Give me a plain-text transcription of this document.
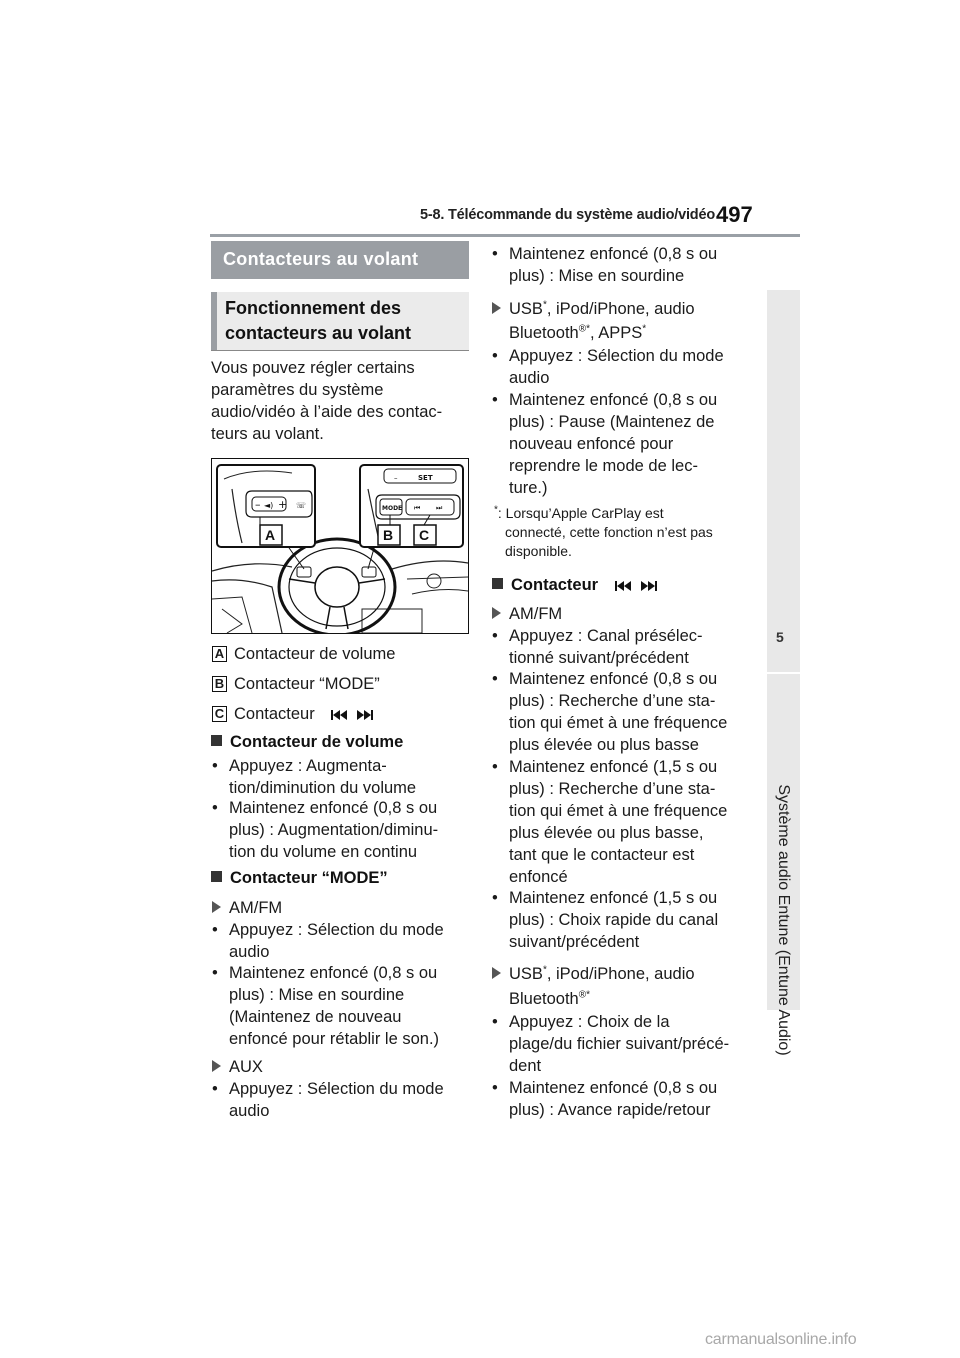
5-8. Télécommande du système audio/vidéo 497
5
Système audio Entune (Entune Audio)
Contacteurs au volant
Fonctionnement des contacteurs au volant
Vous pouvez régler certains paramètres du système audio/vidéo à l’aide des contac- teurs au volant.
– ◄) + ☏
A
–	SET
MODE ⏮ ⏭
B C
A Contacteur de volume
B Contacteur “MODE”
C Contacteur
Contacteur de volume
• Appuyez : Augmenta-
tion/diminution du volume
• Maintenez enfoncé (0,8 s ou
plus) : Augmentation/diminu-
tion du volume en continu
Contacteur “MODE”
AM/FM
• Appuyez : Sélection du mode
audio
• Maintenez enfoncé (0,8 s ou
plus) : Mise en sourdine
(Maintenez de nouveau
enfoncé pour rétablir le son.)
AUX
• Appuyez : Sélection du mode
audio
• Maintenez enfoncé (0,8 s ou
plus) : Mise en sourdine
USB*, iPod/iPhone, audio
Bluetooth®*, APPS*
• Appuyez : Sélection du mode
audio
• Maintenez enfoncé (0,8 s ou
plus) : Pause (Maintenez de
nouveau enfoncé pour
reprendre le mode de lec-
ture.)
*: Lorsqu’Apple CarPlay est
connecté, cette fonction n’est pas
disponible.
Contacteur
AM/FM
• Appuyez : Canal présélec-
tionné suivant/précédent
• Maintenez enfoncé (0,8 s ou
plus) : Recherche d’une sta-
tion qui émet à une fréquence
plus élevée ou plus basse
• Maintenez enfoncé (1,5 s ou
plus) : Recherche d’une sta-
tion qui émet à une fréquence
plus élevée ou plus basse,
tant que le contacteur est
enfoncé
• Maintenez enfoncé (1,5 s ou
plus) : Choix rapide du canal
suivant/précédent
USB*, iPod/iPhone, audio
Bluetooth®*
• Appuyez : Choix de la
plage/du fichier suivant/précé-
dent
• Maintenez enfoncé (0,8 s ou
plus) : Avance rapide/retour
carmanualsonline.info
